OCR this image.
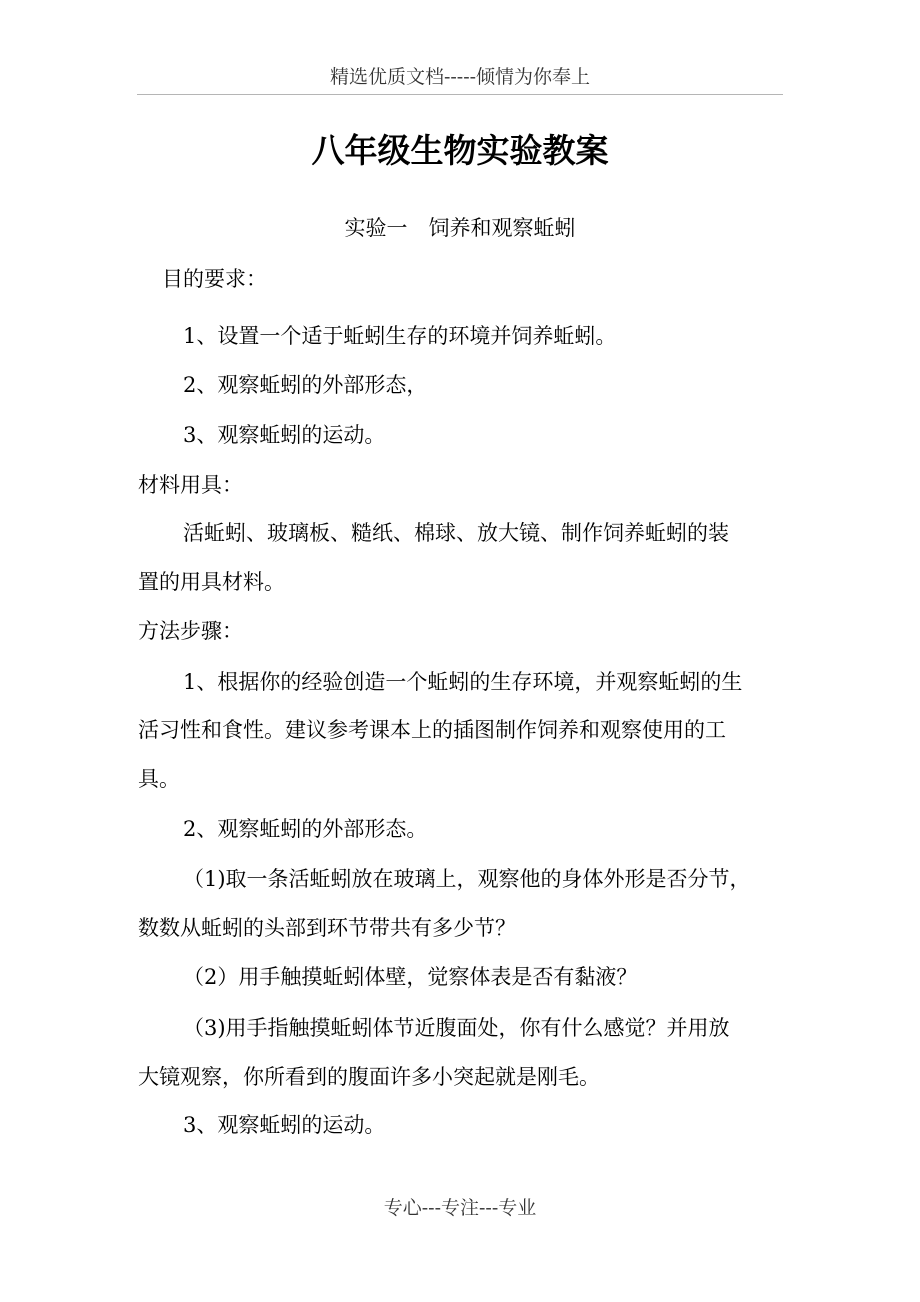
精选优质文档-----倾情为你奉上
八年级生物实验教案
实验一　饲养和观察蚯蚓
目的要求：
1、设置一个适于蚯蚓生存的环境并饲养蚯蚓。
2、观察蚯蚓的外部形态，
3、观察蚯蚓的运动。
材料用具：
活蚯蚓、玻璃板、糙纸、棉球、放大镜、制作饲养蚯蚓的装
置的用具材料。
方法步骤：
1、根据你的经验创造一个蚯蚓的生存环境，并观察蚯蚓的生
活习性和食性。建议参考课本上的插图制作饲养和观察使用的工
具。
2、观察蚯蚓的外部形态。
（1)取一条活蚯蚓放在玻璃上，观察他的身体外形是否分节，
数数从蚯蚓的头部到环节带共有多少节？
（2）用手触摸蚯蚓体壁，觉察体表是否有黏液？
（3)用手指触摸蚯蚓体节近腹面处，你有什么感觉？并用放
大镜观察，你所看到的腹面许多小突起就是刚毛。
3、观察蚯蚓的运动。
专心---专注---专业
